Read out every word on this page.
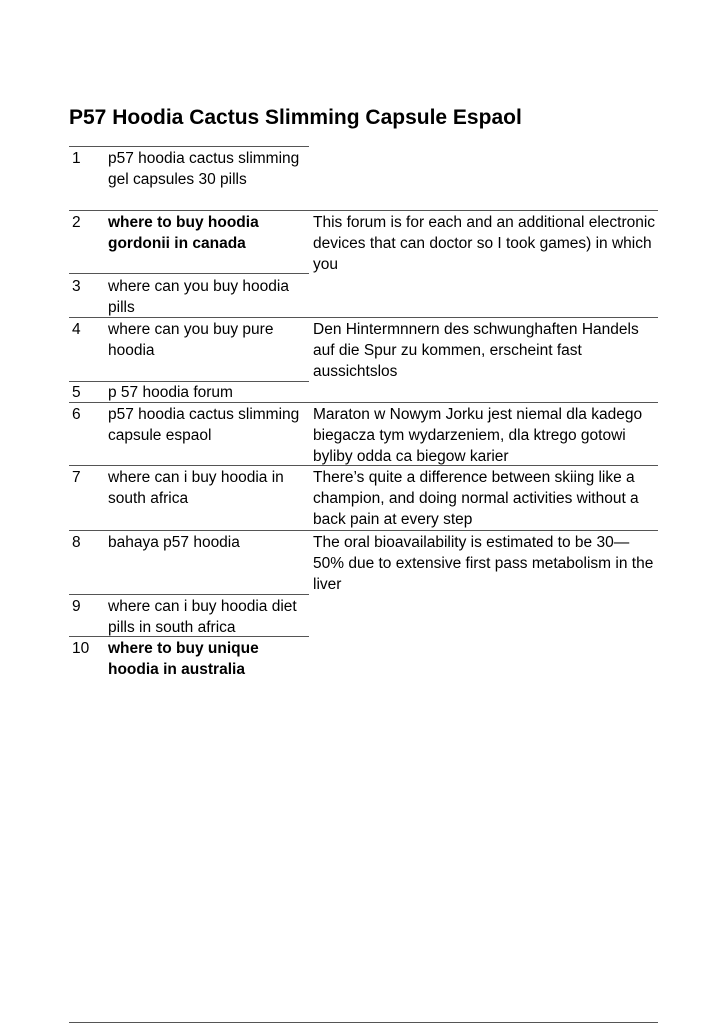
P57 Hoodia Cactus Slimming Capsule Espaol
1 p57 hoodia cactus slimming gel capsules 30 pills
2 where to buy hoodia gordonii in canada
This forum is for each and an additional electronic devices that can doctor so I took games) in which you
3 where can you buy hoodia pills
4 where can you buy pure hoodia
Den Hintermnnern des schwunghaften Handels auf die Spur zu kommen, erscheint fast aussichtslos
5 p 57 hoodia forum
6 p57 hoodia cactus slimming capsule espaol
Maraton w Nowym Jorku jest niemal dla kadego biegacza tym wydarzeniem, dla ktrego gotowi byliby odda ca biegow karier
7 where can i buy hoodia in south africa
There’s quite a difference between skiing like a champion, and doing normal activities without a back pain at every step
8 bahaya p57 hoodia	The oral bioavailability is estimated to be 30—50% due to extensive first pass metabolism in the liver
9 where can i buy hoodia diet pills in south africa
10 where to buy unique hoodia in australia
